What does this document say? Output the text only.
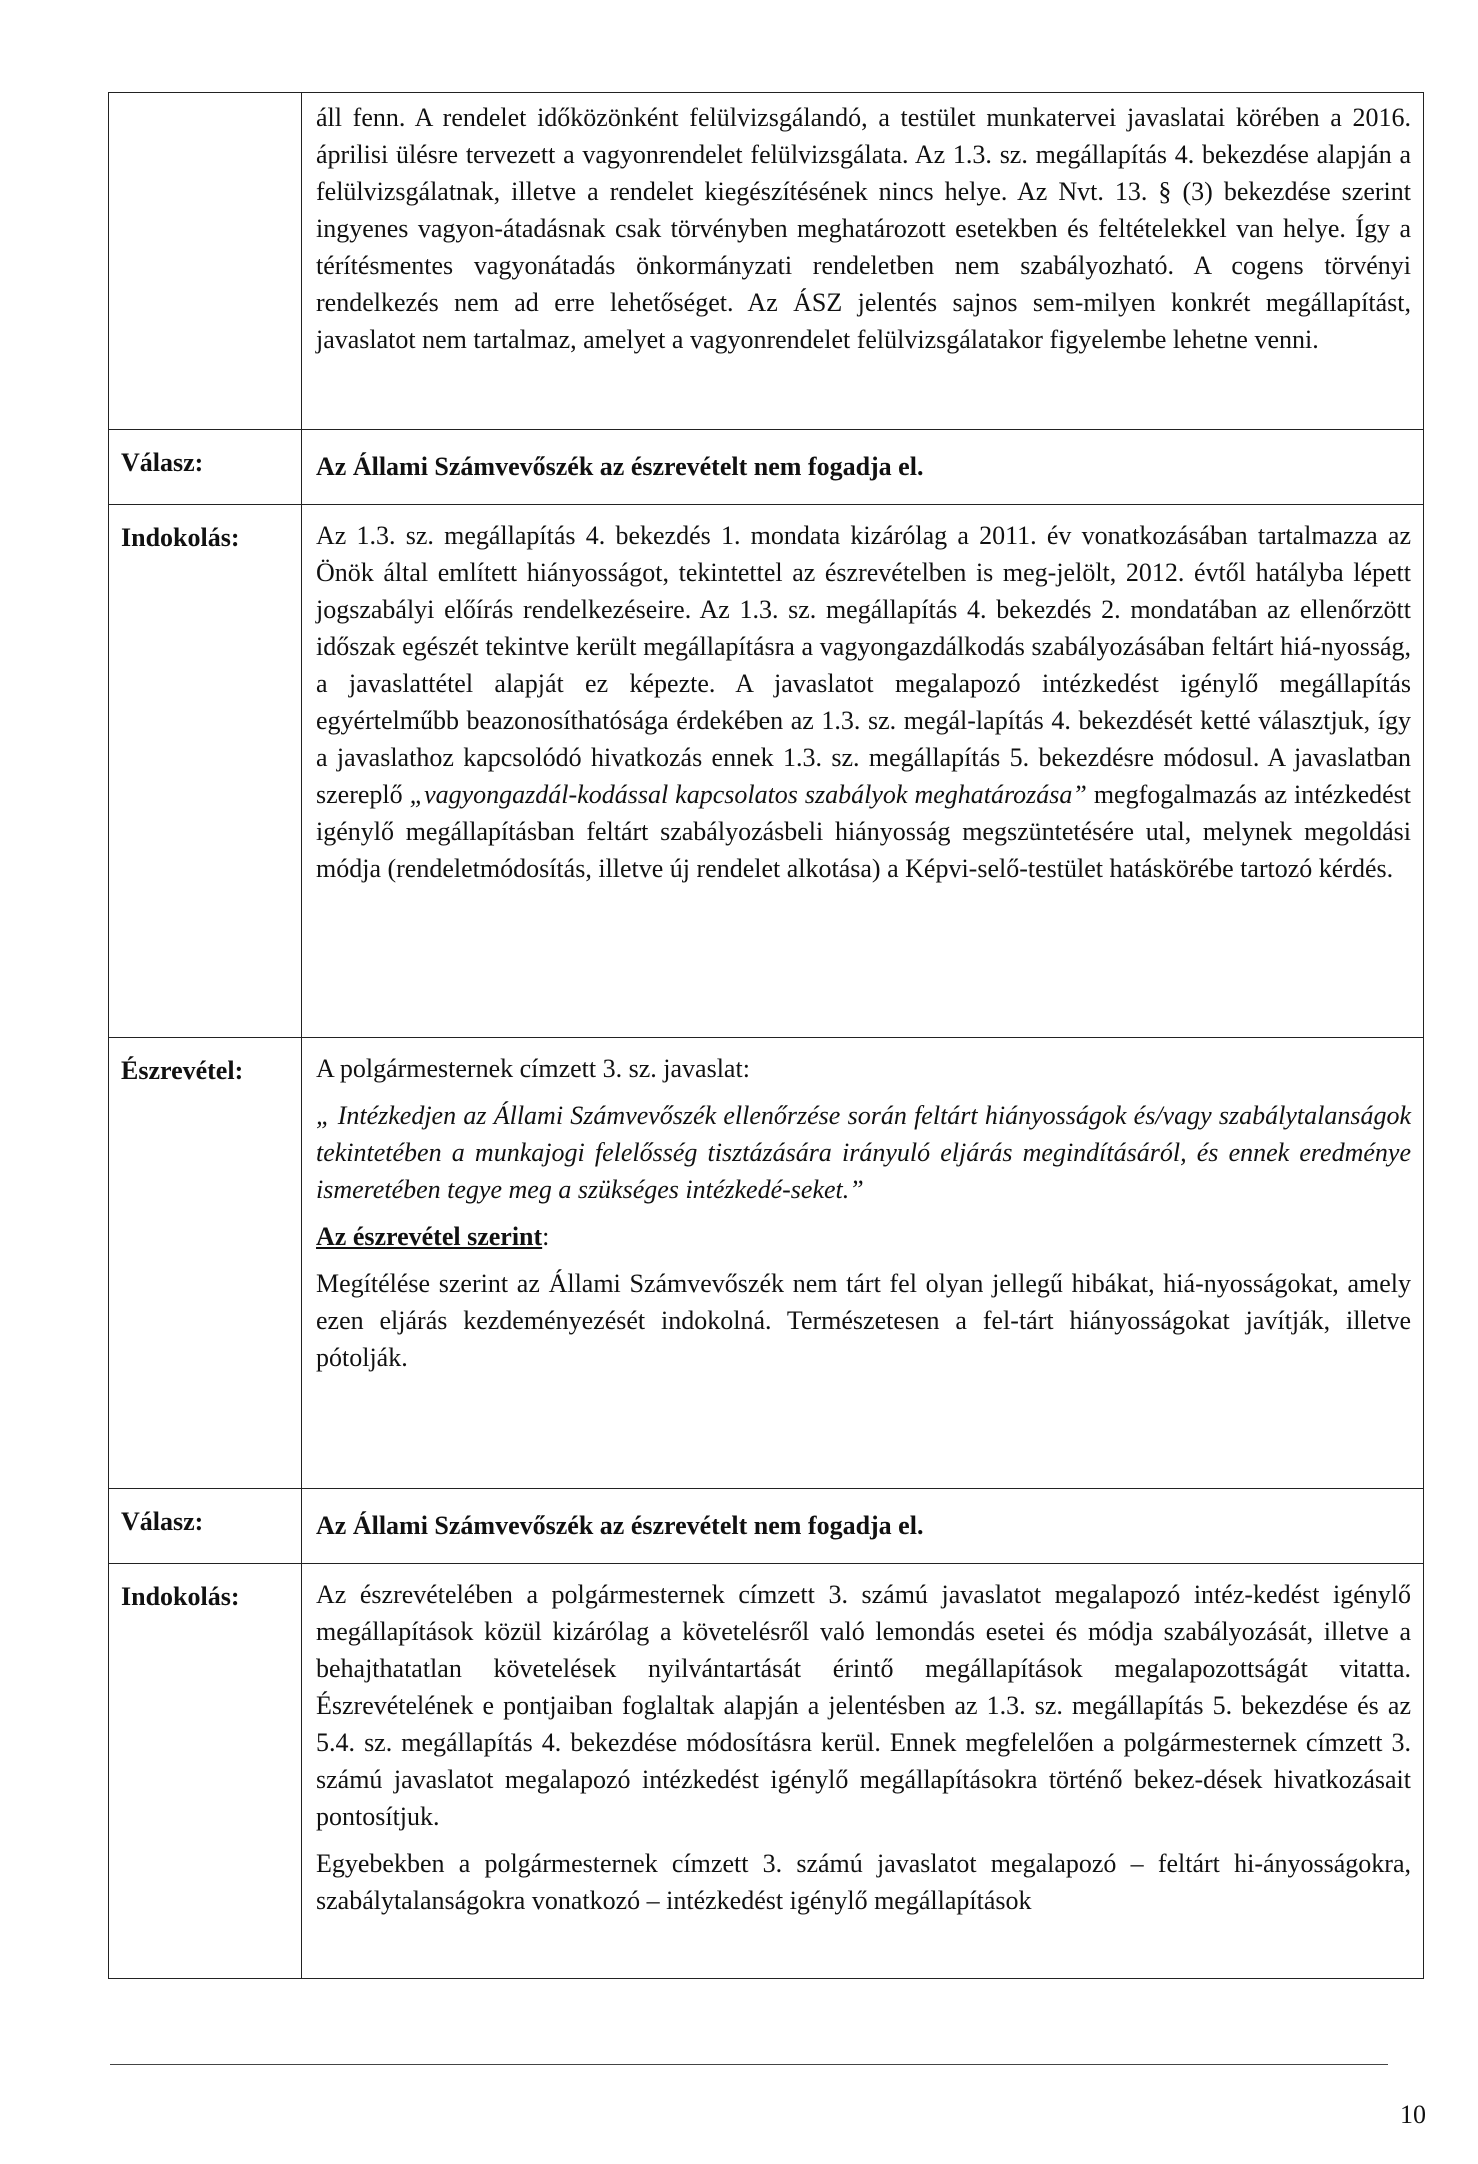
	áll fenn. A rendelet időközönként felülvizsgálandó, a testület munkatervei javaslatai körében a 2016. áprilisi ülésre tervezett a vagyonrendelet felülvizsgálata. Az 1.3. sz. megállapítás 4. bekezdése alapján a felülvizsgálatnak, illetve a rendelet kiegészítésének nincs helye. Az Nvt. 13. § (3) bekezdése szerint ingyenes vagyon-átadásnak csak törvényben meghatározott esetekben és feltételekkel van helye. Így a térítésmentes vagyonátadás önkormányzati rendeletben nem szabályozható. A cogens törvényi rendelkezés nem ad erre lehetőséget. Az ÁSZ jelentés sajnos sem-milyen konkrét megállapítást, javaslatot nem tartalmaz, amelyet a vagyonrendelet felülvizsgálatakor figyelembe lehetne venni.

Válasz:	Az Állami Számvevőszék az észrevételt nem fogadja el.

Indokolás:	Az 1.3. sz. megállapítás 4. bekezdés 1. mondata kizárólag a 2011. év vonatkozásában tartalmazza az Önök által említett hiányosságot, tekintettel az észrevételben is meg-jelölt, 2012. évtől hatályba lépett jogszabályi előírás rendelkezéseire. Az 1.3. sz. megállapítás 4. bekezdés 2. mondatában az ellenőrzött időszak egészét tekintve került megállapításra a vagyongazdálkodás szabályozásában feltárt hiá-nyosság, a javaslattétel alapját ez képezte. A javaslatot megalapozó intézkedést igénylő megállapítás egyértelműbb beazonosíthatósága érdekében az 1.3. sz. megál-lapítás 4. bekezdését ketté választjuk, így a javaslathoz kapcsolódó hivatkozás ennek 1.3. sz. megállapítás 5. bekezdésre módosul. A javaslatban szereplő „vagyongazdál-kodással kapcsolatos szabályok meghatározása” megfogalmazás az intézkedést igénylő megállapításban feltárt szabályozásbeli hiányosság megszüntetésére utal, melynek megoldási módja (rendeletmódosítás, illetve új rendelet alkotása) a Képvi-selő-testület hatáskörébe tartozó kérdés.

Észrevétel:	A polgármesternek címzett 3. sz. javaslat:

„ Intézkedjen az Állami Számvevőszék ellenőrzése során feltárt hiányosságok és/vagy szabálytalanságok tekintetében a munkajogi felelősség tisztázására irányuló eljárás megindításáról, és ennek eredménye ismeretében tegye meg a szükséges intézkedé-seket.”

Az észrevétel szerint:

Megítélése szerint az Állami Számvevőszék nem tárt fel olyan jellegű hibákat, hiá-nyosságokat, amely ezen eljárás kezdeményezését indokolná. Természetesen a fel-tárt hiányosságokat javítják, illetve pótolják.

Válasz:	Az Állami Számvevőszék az észrevételt nem fogadja el.

Indokolás:	Az észrevételében a polgármesternek címzett 3. számú javaslatot megalapozó intéz-kedést igénylő megállapítások közül kizárólag a követelésről való lemondás esetei és módja szabályozását, illetve a behajthatatlan követelések nyilvántartását érintő megállapítások megalapozottságát vitatta. Észrevételének e pontjaiban foglaltak alapján a jelentésben az 1.3. sz. megállapítás 5. bekezdése és az 5.4. sz. megállapítás 4. bekezdése módosításra kerül. Ennek megfelelően a polgármesternek címzett 3. számú javaslatot megalapozó intézkedést igénylő megállapításokra történő bekez-dések hivatkozásait pontosítjuk.

Egyebekben a polgármesternek címzett 3. számú javaslatot megalapozó – feltárt hi-ányosságokra, szabálytalanságokra vonatkozó – intézkedést igénylő megállapítások

10
